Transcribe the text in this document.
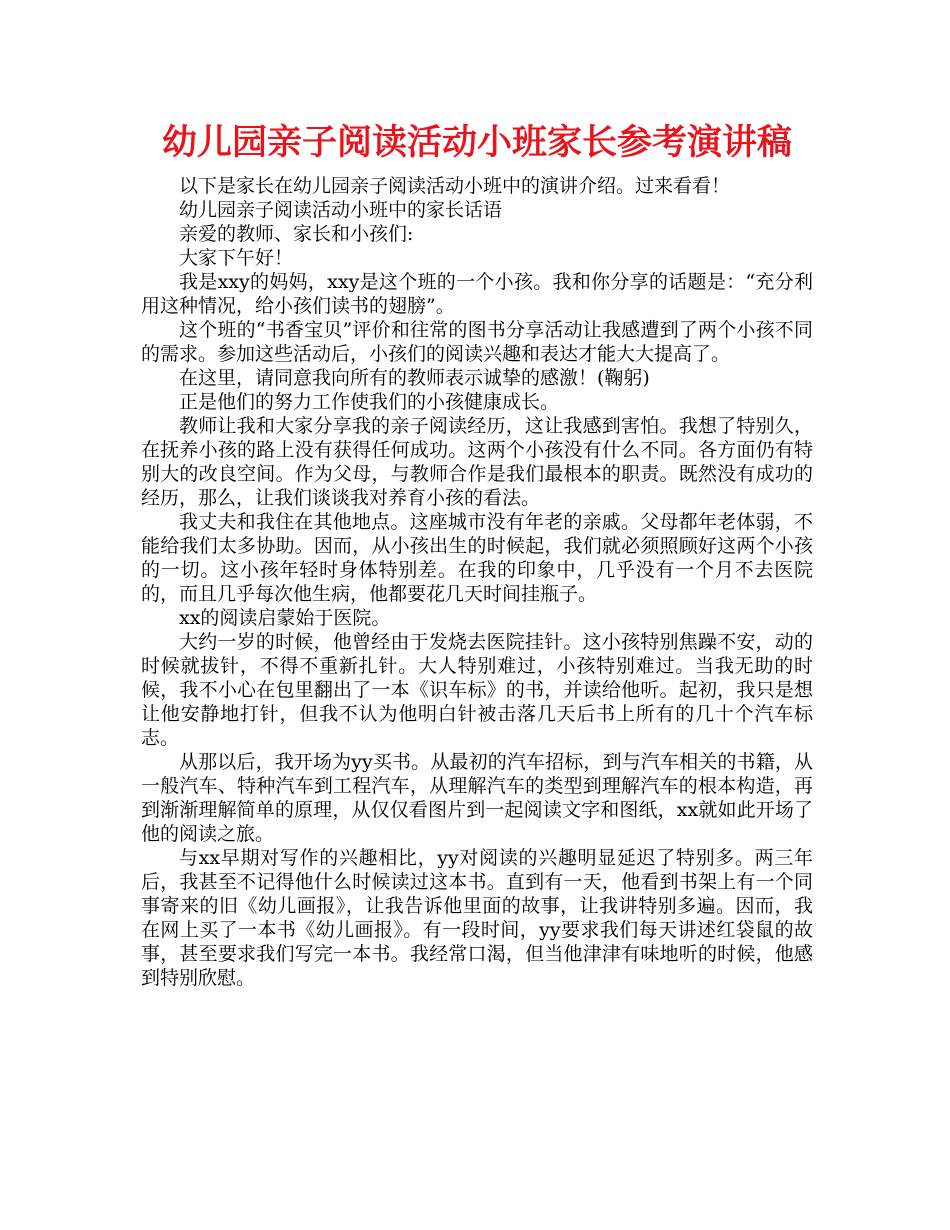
幼儿园亲子阅读活动小班家长参考演讲稿

以下是家长在幼儿园亲子阅读活动小班中的演讲介绍。过来看看！

幼儿园亲子阅读活动小班中的家长话语

亲爱的教师、家长和小孩们:

大家下午好！

我是xxy的妈妈，xxy是这个班的一个小孩。我和你分享的话题是：“充分利用这种情况，给小孩们读书的翅膀”。

这个班的“书香宝贝”评价和往常的图书分享活动让我感遭到了两个小孩不同的需求。参加这些活动后，小孩们的阅读兴趣和表达才能大大提高了。

在这里，请同意我向所有的教师表示诚挚的感激！(鞠躬)

正是他们的努力工作使我们的小孩健康成长。

教师让我和大家分享我的亲子阅读经历，这让我感到害怕。我想了特别久，在抚养小孩的路上没有获得任何成功。这两个小孩没有什么不同。各方面仍有特别大的改良空间。作为父母，与教师合作是我们最根本的职责。既然没有成功的经历，那么，让我们谈谈我对养育小孩的看法。

我丈夫和我住在其他地点。这座城市没有年老的亲戚。父母都年老体弱，不能给我们太多协助。因而，从小孩出生的时候起，我们就必须照顾好这两个小孩的一切。这小孩年轻时身体特别差。在我的印象中，几乎没有一个月不去医院的，而且几乎每次他生病，他都要花几天时间挂瓶子。

xx的阅读启蒙始于医院。

大约一岁的时候，他曾经由于发烧去医院挂针。这小孩特别焦躁不安，动的时候就拔针，不得不重新扎针。大人特别难过，小孩特别难过。当我无助的时候，我不小心在包里翻出了一本《识车标》的书，并读给他听。起初，我只是想让他安静地打针，但我不认为他明白针被击落几天后书上所有的几十个汽车标志。

从那以后，我开场为yy买书。从最初的汽车招标，到与汽车相关的书籍，从一般汽车、特种汽车到工程汽车，从理解汽车的类型到理解汽车的根本构造，再到渐渐理解简单的原理，从仅仅看图片到一起阅读文字和图纸，xx就如此开场了他的阅读之旅。

与xx早期对写作的兴趣相比，yy对阅读的兴趣明显延迟了特别多。两三年后，我甚至不记得他什么时候读过这本书。直到有一天，他看到书架上有一个同事寄来的旧《幼儿画报》，让我告诉他里面的故事，让我讲特别多遍。因而，我在网上买了一本书《幼儿画报》。有一段时间，yy要求我们每天讲述红袋鼠的故事，甚至要求我们写完一本书。我经常口渴，但当他津津有味地听的时候，他感到特别欣慰。
